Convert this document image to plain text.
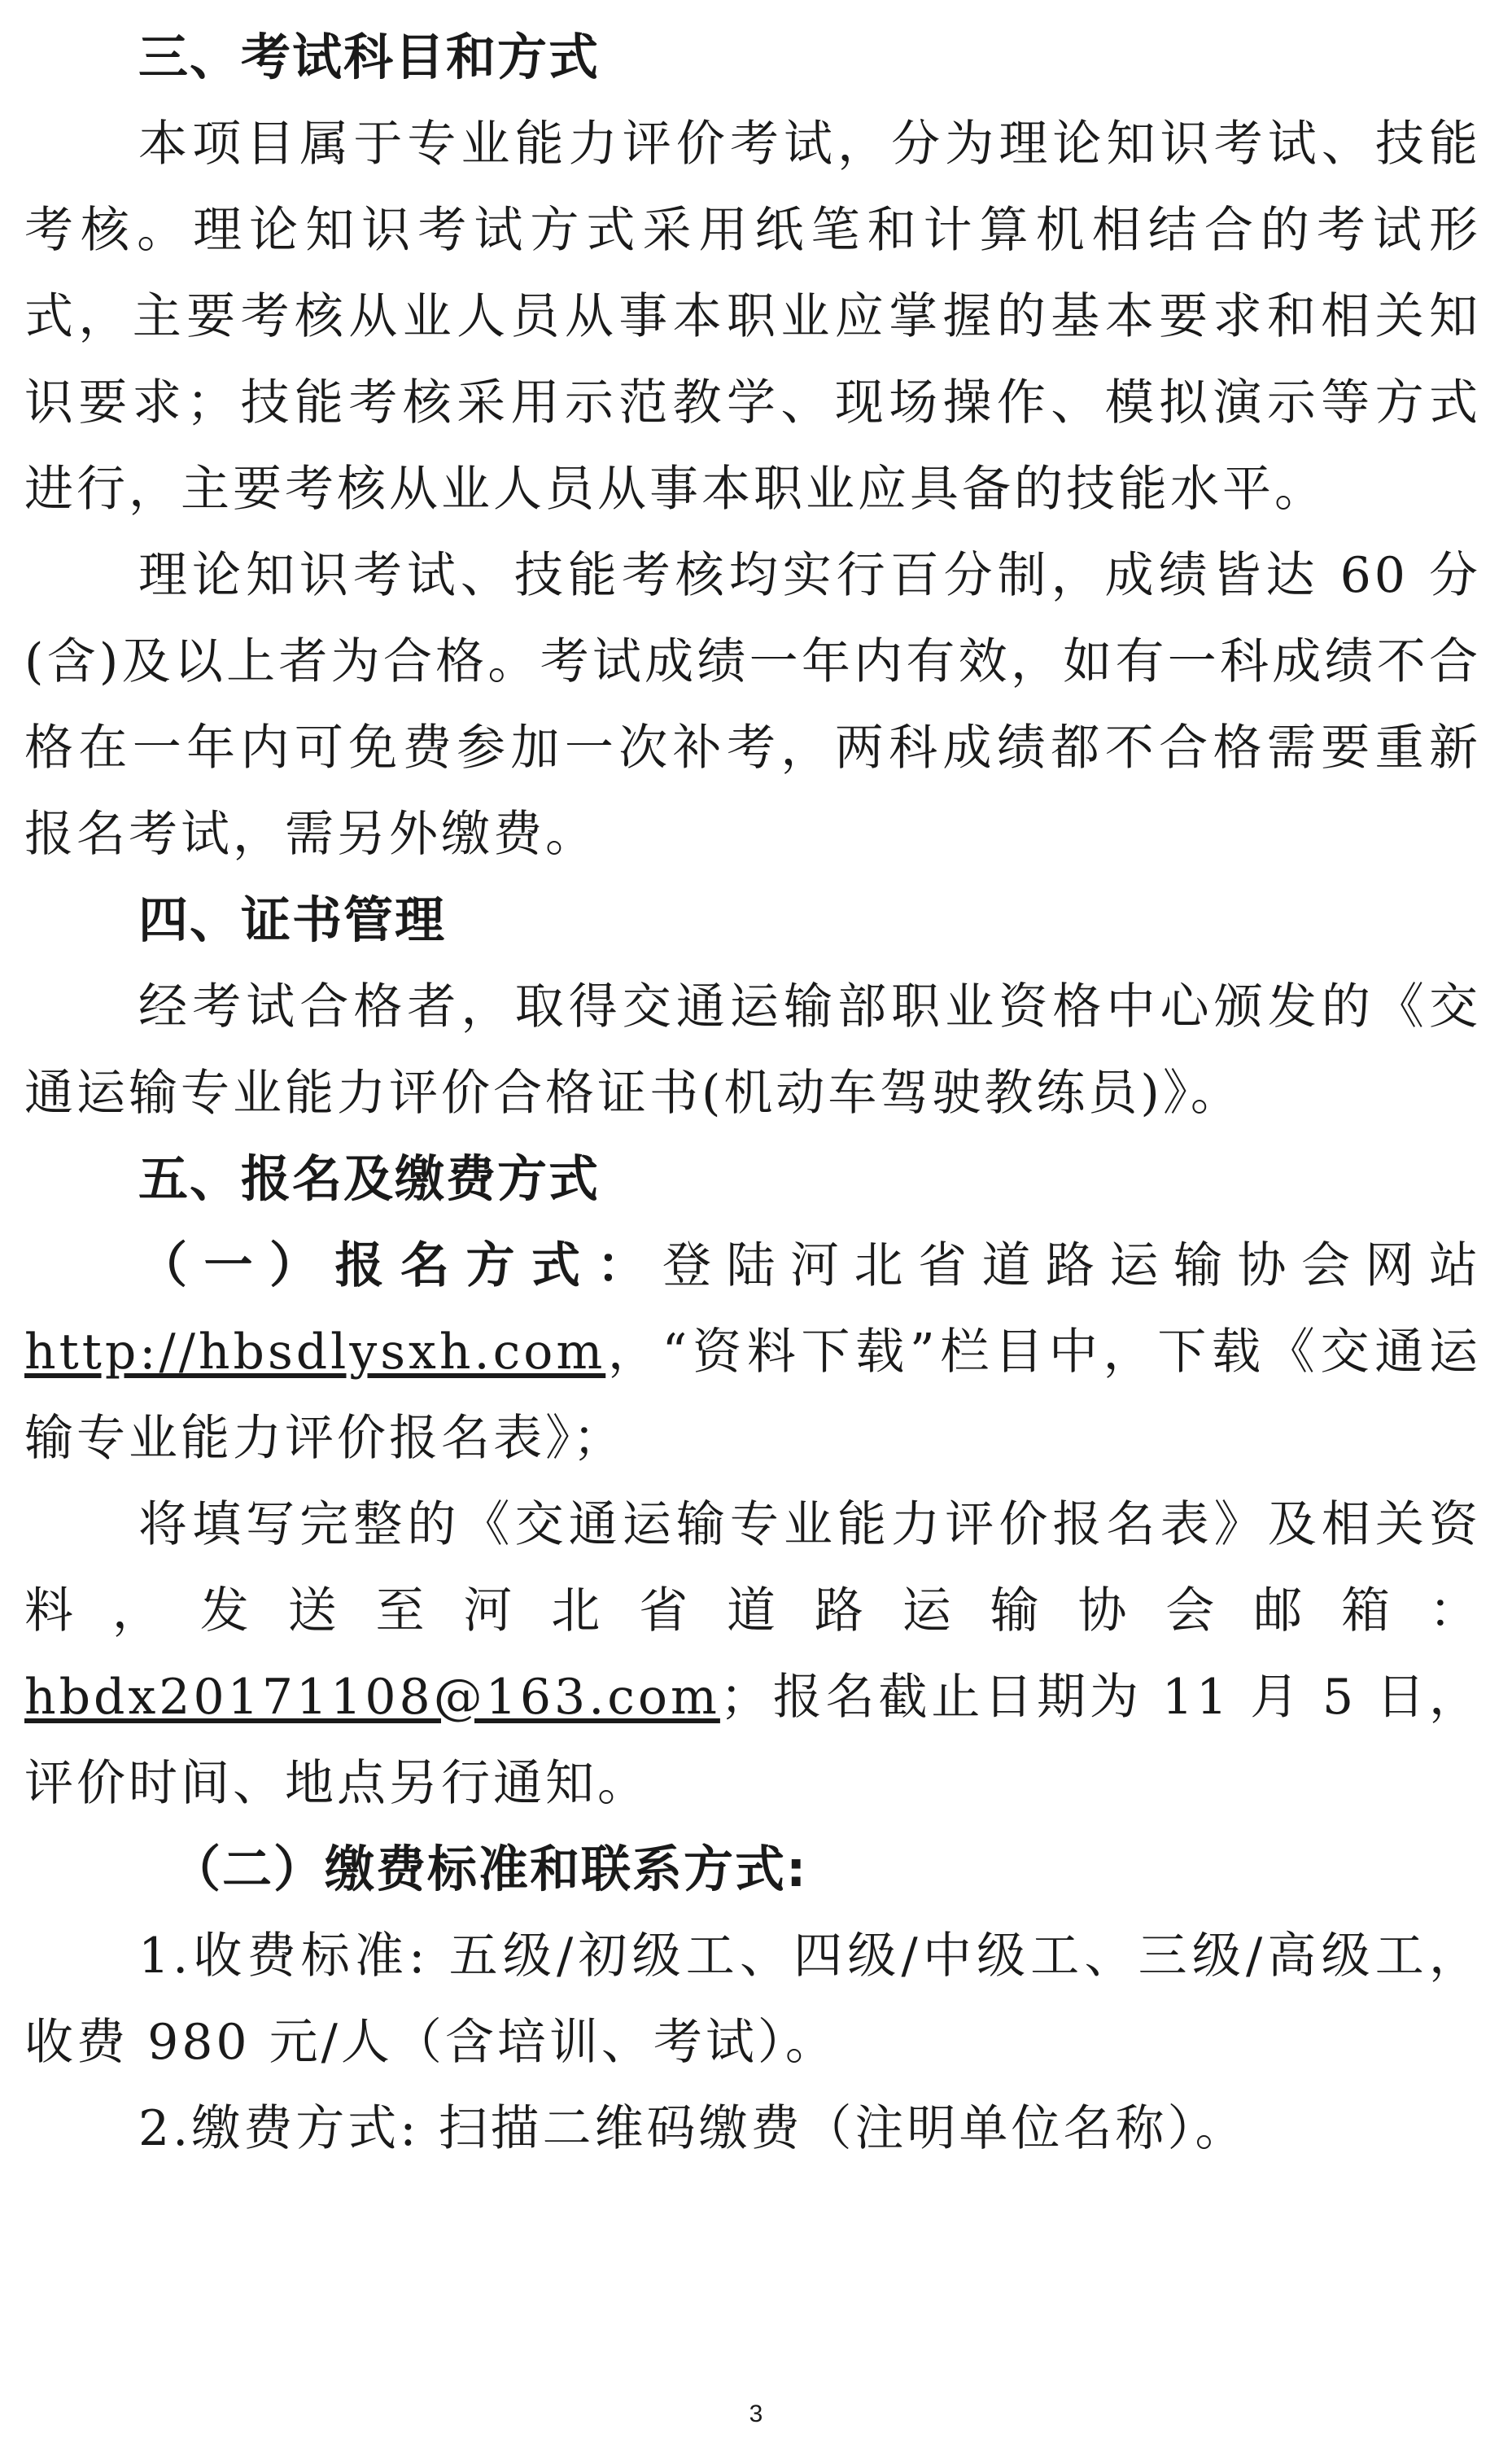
三、考试科目和方式

本项目属于专业能力评价考试，分为理论知识考试、技能考核。理论知识考试方式采用纸笔和计算机相结合的考试形式，主要考核从业人员从事本职业应掌握的基本要求和相关知识要求；技能考核采用示范教学、现场操作、模拟演示等方式进行，主要考核从业人员从事本职业应具备的技能水平。

理论知识考试、技能考核均实行百分制，成绩皆达 60 分(含)及以上者为合格。考试成绩一年内有效，如有一科成绩不合格在一年内可免费参加一次补考，两科成绩都不合格需要重新报名考试，需另外缴费。

四、证书管理

经考试合格者，取得交通运输部职业资格中心颁发的《交通运输专业能力评价合格证书(机动车驾驶教练员)》。

五、报名及缴费方式

（一）报名方式：登陆河北省道路运输协会网站 http://hbsdlysxh.com，“资料下载”栏目中，下载《交通运输专业能力评价报名表》；

将填写完整的《交通运输专业能力评价报名表》及相关资料，发送至河北省道路运输协会邮箱：hbdx20171108@163.com；报名截止日期为 11 月 5 日，评价时间、地点另行通知。

（二）缴费标准和联系方式:

1.收费标准: 五级/初级工、四级/中级工、三级/高级工，收费 980 元/人（含培训、考试）。

2.缴费方式: 扫描二维码缴费（注明单位名称）。

3
